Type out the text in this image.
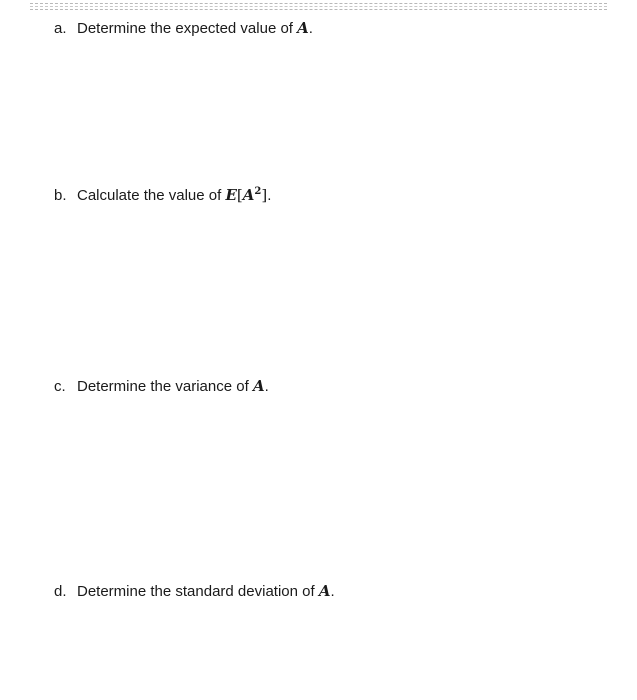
a. Determine the expected value of A.
b. Calculate the value of $E[A^2]$.
c. Determine the variance of A.
d. Determine the standard deviation of A.
